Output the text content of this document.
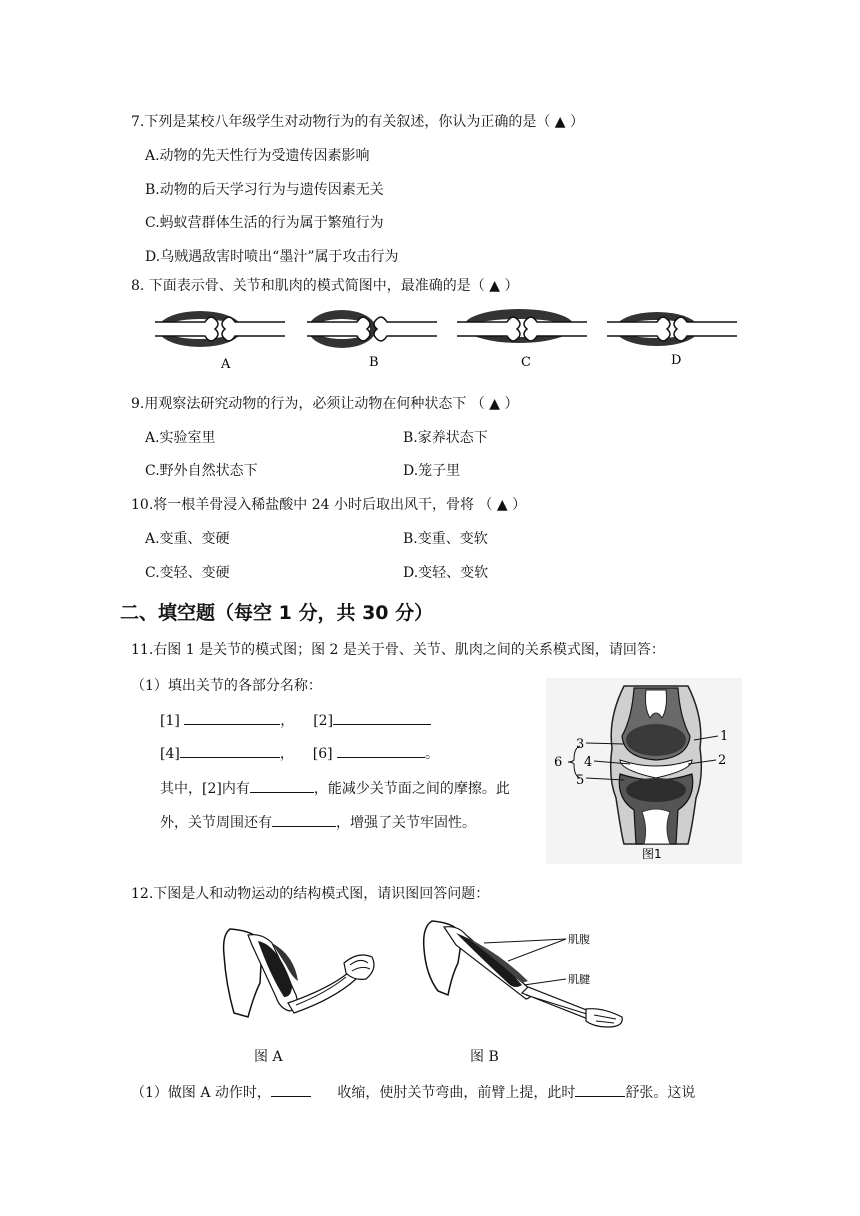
7.下列是某校八年级学生对动物行为的有关叙述，你认为正确的是（ ▲ ）
A.动物的先天性行为受遗传因素影响
B.动物的后天学习行为与遗传因素无关
C.蚂蚁营群体生活的行为属于繁殖行为
D.乌贼遇敌害时喷出“墨汁”属于攻击行为
8. 下面表示骨、关节和肌肉的模式简图中，最准确的是（ ▲ ）
A	B	C	D
9.用观察法研究动物的行为，必须让动物在何种状态下 （ ▲ ）
A.实验室里	B.家养状态下
C.野外自然状态下	D.笼子里
10.将一根羊骨浸入稀盐酸中 24 小时后取出风干，骨将 （ ▲ ）
A.变重、变硬	B.变重、变软
C.变轻、变硬	D.变轻、变软
二、填空题（每空 1 分，共 30 分）
11.右图 1 是关节的模式图；图 2 是关于骨、关节、肌肉之间的关系模式图，请回答：
（1）填出关节的各部分名称：
[1]	， [2]
[4]	， [6]	。
其中，[2]内有	，能减少关节面之间的摩擦。此
外，关节周围还有	，增强了关节牢固性。
1
2
3
4
5
6
图1
12.下图是人和动物运动的结构模式图，请识图回答问题：
肌腹
肌腱
图 A	图 B
（1）做图 A 动作时，	收缩，使肘关节弯曲，前臂上提，此时	舒张。这说
